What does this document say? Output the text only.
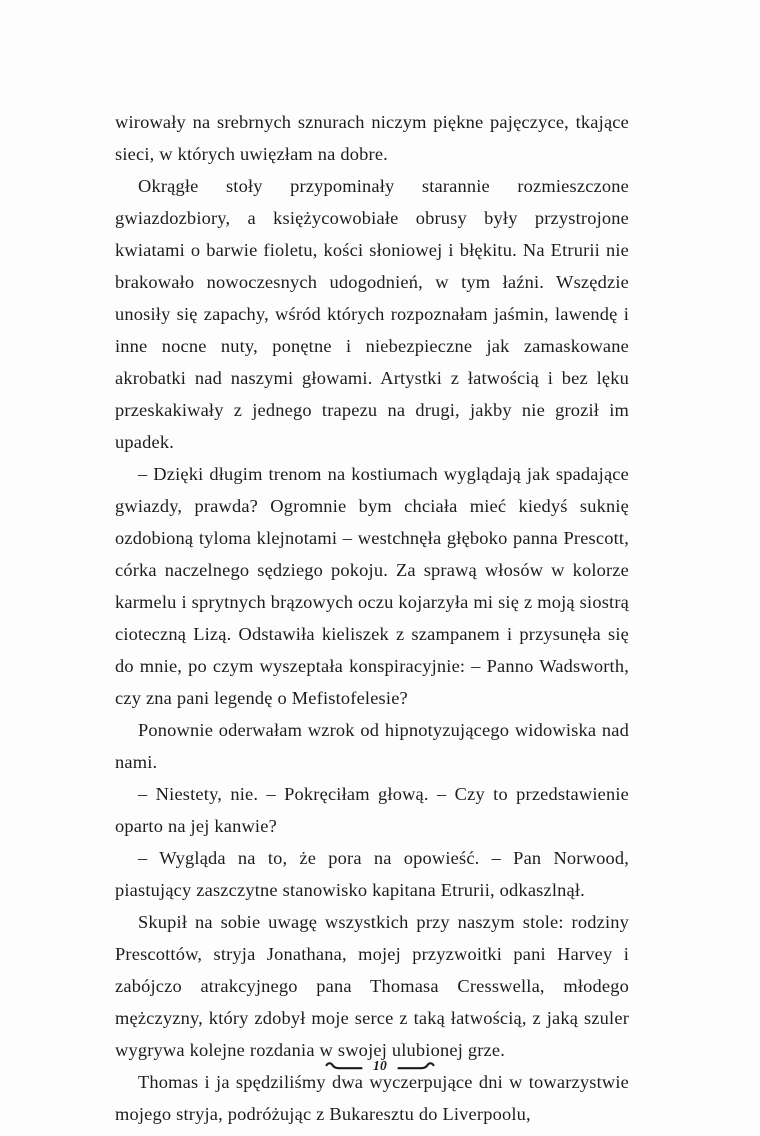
wirowały na srebrnych sznurach niczym piękne pajęczyce, tkające sieci, w których uwięzłam na dobre.

Okrągłe stoły przypominały starannie rozmieszczone gwiazdozbiory, a księżycowobiałe obrusy były przystrojone kwiatami o barwie fioletu, kości słoniowej i błękitu. Na Etrurii nie brakowało nowoczesnych udogodnień, w tym łaźni. Wszędzie unosiły się zapachy, wśród których rozpoznałam jaśmin, lawendę i inne nocne nuty, ponętne i niebezpieczne jak zamaskowane akrobatki nad naszymi głowami. Artystki z łatwością i bez lęku przeskakiwały z jednego trapezu na drugi, jakby nie groził im upadek.

– Dzięki długim trenom na kostiumach wyglądają jak spadające gwiazdy, prawda? Ogromnie bym chciała mieć kiedyś suknię ozdobioną tyloma klejnotami – westchnęła głęboko panna Prescott, córka naczelnego sędziego pokoju. Za sprawą włosów w kolorze karmelu i sprytnych brązowych oczu kojarzyła mi się z moją siostrą cioteczną Lizą. Odstawiła kieliszek z szampanem i przysunęła się do mnie, po czym wyszeptała konspiracyjnie: – Panno Wadsworth, czy zna pani legendę o Mefistofelesie?

Ponownie oderwałam wzrok od hipnotyzującego widowiska nad nami.

– Niestety, nie. – Pokręciłam głową. – Czy to przedstawienie oparto na jej kanwie?

– Wygląda na to, że pora na opowieść. – Pan Norwood, piastujący zaszczytne stanowisko kapitana Etrurii, odkaszlnął.

Skupił na sobie uwagę wszystkich przy naszym stole: rodziny Prescottów, stryja Jonathana, mojej przyzwoitki pani Harvey i zabójczo atrakcyjnego pana Thomasa Cresswella, młodego mężczyzny, który zdobył moje serce z taką łatwością, z jaką szuler wygrywa kolejne rozdania w swojej ulubionej grze.

Thomas i ja spędziliśmy dwa wyczerpujące dni w towarzystwie mojego stryja, podróżując z Bukaresztu do Liverpoolu,

10
